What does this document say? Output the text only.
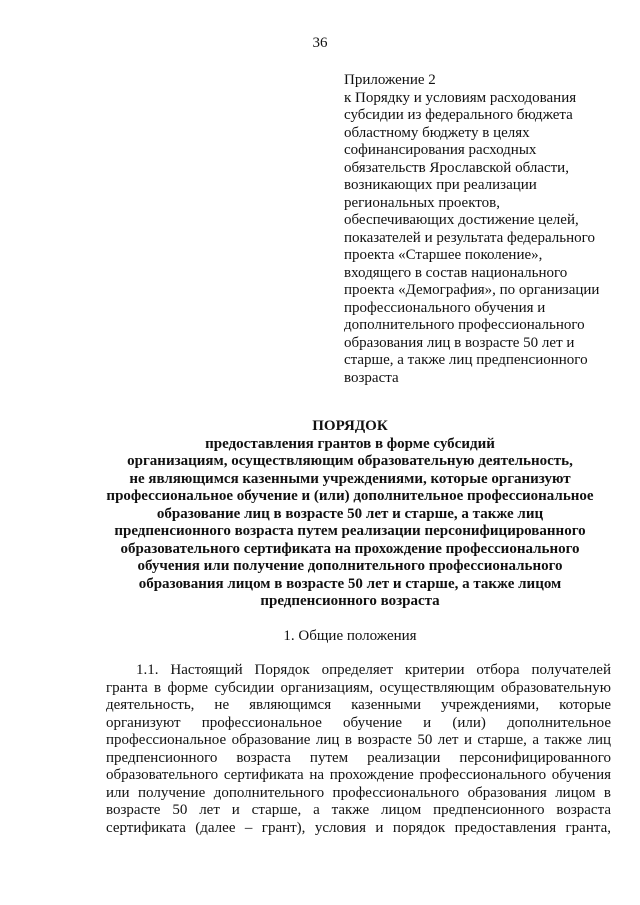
36
Приложение 2
к Порядку и условиям расходования
субсидии из федерального бюджета
областному бюджету в целях
софинансирования расходных
обязательств Ярославской области,
возникающих при реализации
региональных проектов,
обеспечивающих достижение целей,
показателей и результата федерального
проекта «Старшее поколение»,
входящего в состав национального
проекта «Демография», по организации
профессионального обучения и
дополнительного профессионального
образования лиц в возрасте 50 лет и
старше, а также лиц предпенсионного
возраста
ПОРЯДОК
предоставления грантов в форме субсидий
организациям, осуществляющим образовательную деятельность,
не являющимся казенными учреждениями, которые организуют
профессиональное обучение и (или) дополнительное профессиональное
образование лиц в возрасте 50 лет и старше, а также лиц
предпенсионного возраста путем реализации персонифицированного
образовательного сертификата на прохождение профессионального
обучения или получение дополнительного профессионального
образования лицом в возрасте 50 лет и старше, а также лицом
предпенсионного возраста
1. Общие положения
1.1. Настоящий Порядок определяет критерии отбора получателей
гранта в форме субсидии организациям, осуществляющим образовательную
деятельность, не являющимся казенными учреждениями, которые
организуют профессиональное обучение и (или) дополнительное
профессиональное образование лиц в возрасте 50 лет и старше, а также лиц
предпенсионного возраста путем реализации персонифицированного
образовательного сертификата на прохождение профессионального обучения
или получение дополнительного профессионального образования лицом в
возрасте 50 лет и старше, а также лицом предпенсионного возраста
сертификата (далее – грант), условия и порядок предоставления гранта,
